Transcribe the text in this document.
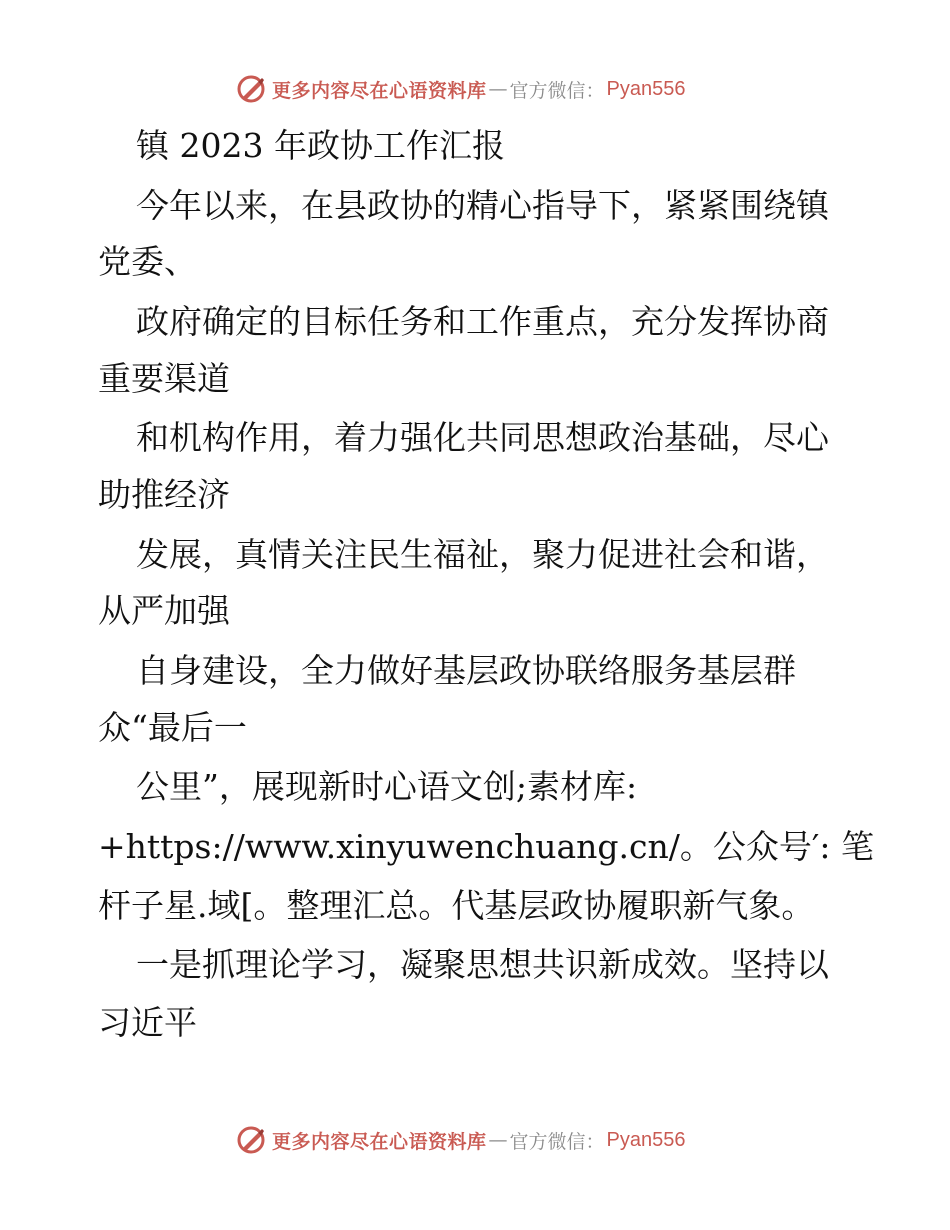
更多内容尽在心语资料库 — 官方微信： Pyan556
镇 2023 年政协工作汇报
今年以来，在县政协的精心指导下，紧紧围绕镇
党委、
政府确定的目标任务和工作重点，充分发挥协商
重要渠道
和机构作用，着力强化共同思想政治基础，尽心
助推经济
发展，真情关注民生福祉，聚力促进社会和谐，
从严加强
自身建设，全力做好基层政协联络服务基层群
众“最后一
公里”，展现新时心语文创;素材库:
+https://www.xinyuwenchuang.cn/。公众号′: 笔
杆子星.域[。整理汇总。代基层政协履职新气象。
一是抓理论学习，凝聚思想共识新成效。坚持以
习近平
更多内容尽在心语资料库 — 官方微信： Pyan556
